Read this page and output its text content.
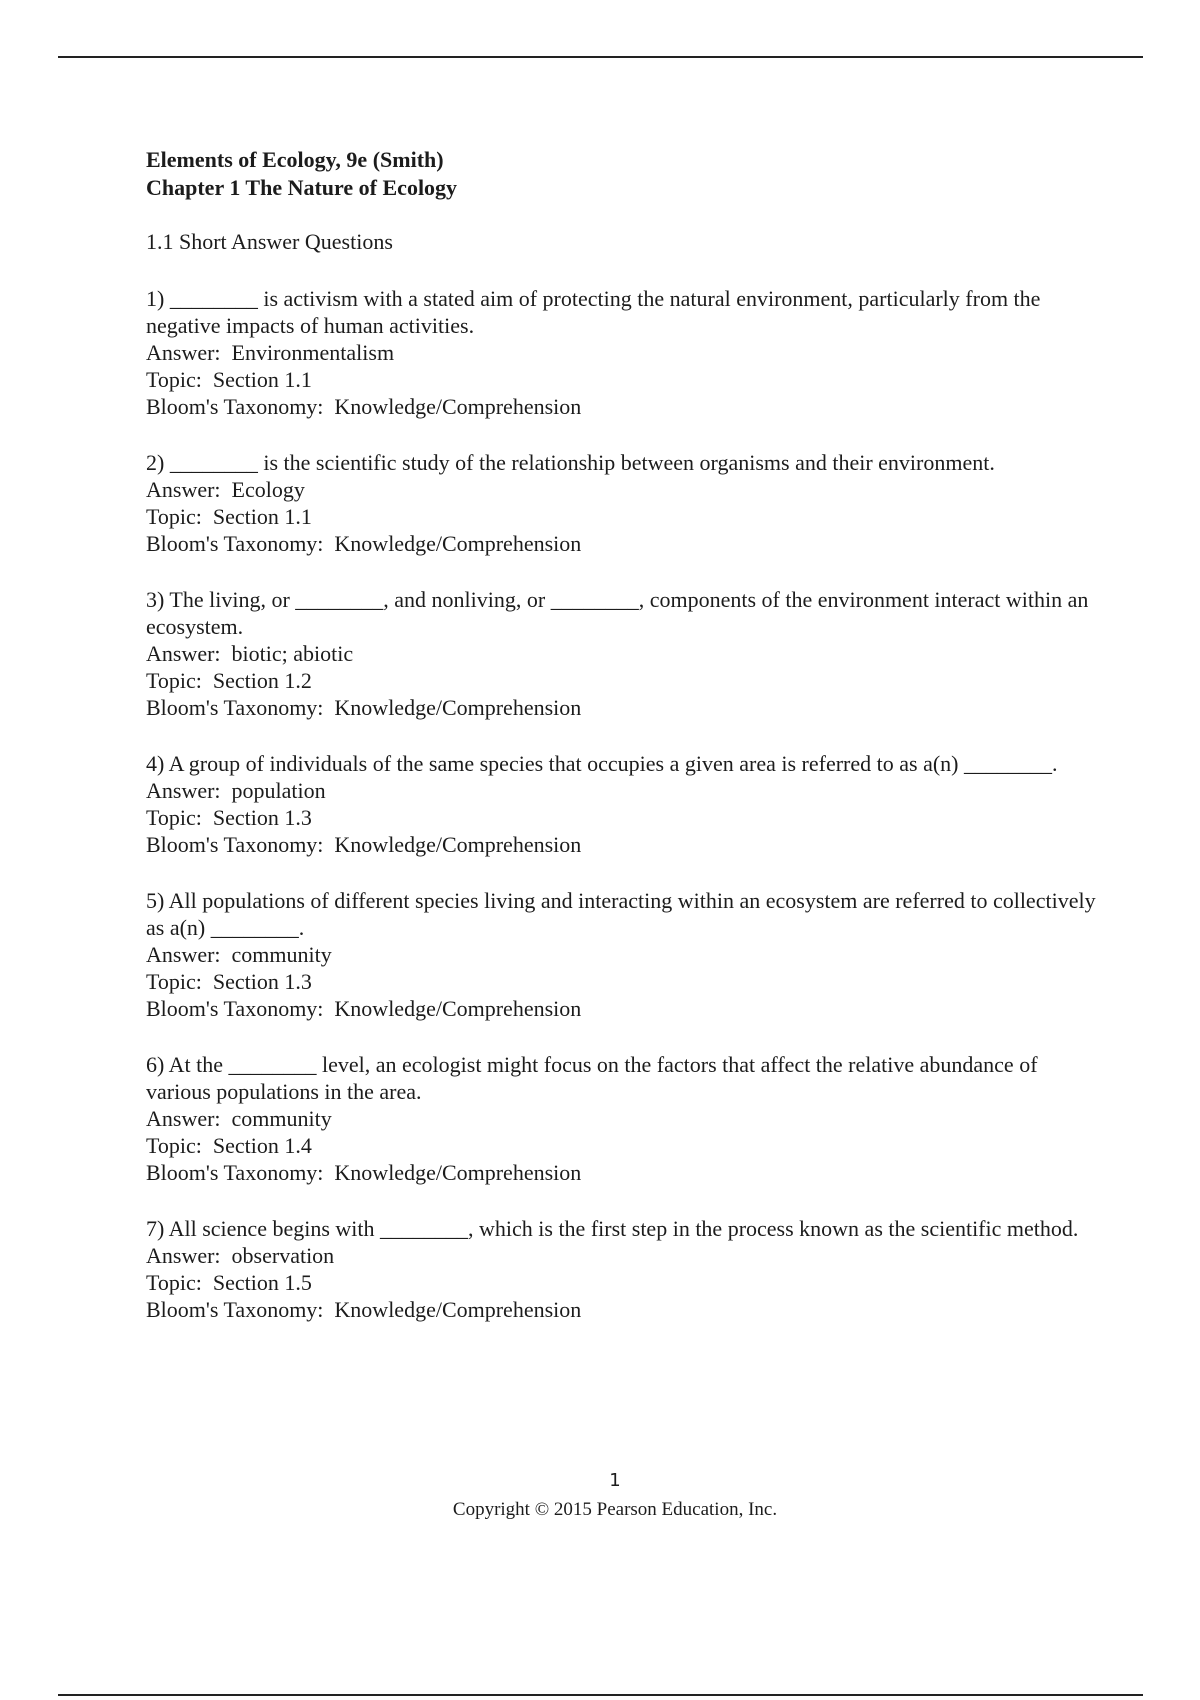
Elements of Ecology, 9e (Smith)
Chapter 1 The Nature of Ecology
1.1 Short Answer Questions
1) ________ is activism with a stated aim of protecting the natural environment, particularly from the negative impacts of human activities.
Answer:  Environmentalism
Topic:  Section 1.1
Bloom's Taxonomy:  Knowledge/Comprehension
2) ________ is the scientific study of the relationship between organisms and their environment.
Answer:  Ecology
Topic:  Section 1.1
Bloom's Taxonomy:  Knowledge/Comprehension
3) The living, or ________, and nonliving, or ________, components of the environment interact within an ecosystem.
Answer:  biotic; abiotic
Topic:  Section 1.2
Bloom's Taxonomy:  Knowledge/Comprehension
4) A group of individuals of the same species that occupies a given area is referred to as a(n) ________.
Answer:  population
Topic:  Section 1.3
Bloom's Taxonomy:  Knowledge/Comprehension
5) All populations of different species living and interacting within an ecosystem are referred to collectively as a(n) ________.
Answer:  community
Topic:  Section 1.3
Bloom's Taxonomy:  Knowledge/Comprehension
6) At the ________ level, an ecologist might focus on the factors that affect the relative abundance of various populations in the area.
Answer:  community
Topic:  Section 1.4
Bloom's Taxonomy:  Knowledge/Comprehension
7) All science begins with ________, which is the first step in the process known as the scientific method.
Answer:  observation
Topic:  Section 1.5
Bloom's Taxonomy:  Knowledge/Comprehension
1
Copyright © 2015 Pearson Education, Inc.
